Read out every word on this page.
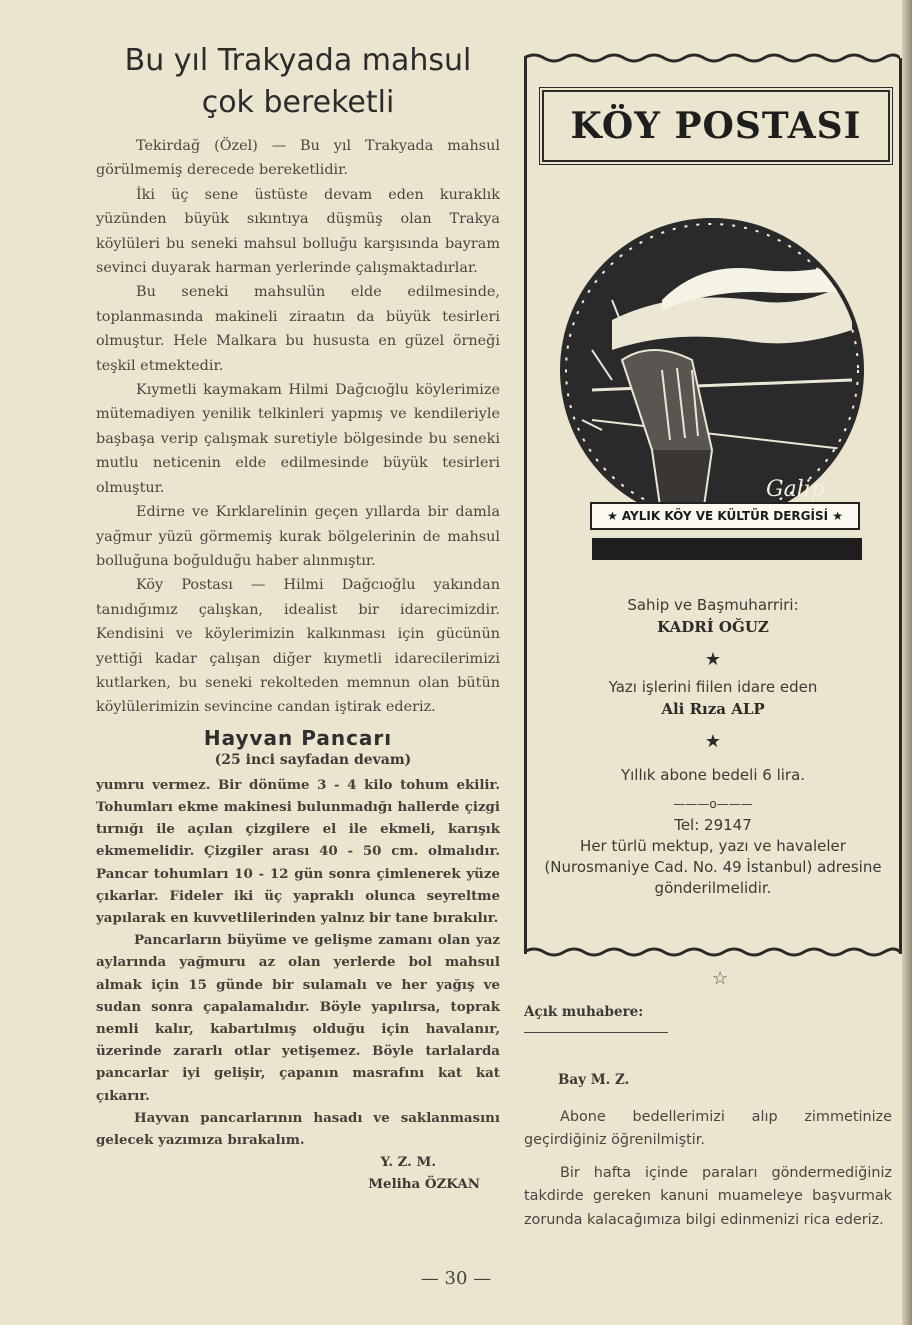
Bu yıl Trakyada mahsul
çok bereketli

Tekirdağ (Özel) — Bu yıl Trakyada mahsul görülmemiş derecede bereketlidir.

İki üç sene üstüste devam eden kuraklık yüzünden büyük sıkıntıya düşmüş olan Trakya köylüleri bu seneki mahsul bolluğu karşısında bayram sevinci duyarak harman yerlerinde çalışmaktadırlar.

Bu seneki mahsulün elde edilmesinde, toplanmasında makineli ziraatın da büyük tesirleri olmuştur. Hele Malkara bu hususta en güzel örneği teşkil etmektedir.

Kıymetli kaymakam Hilmi Dağcıoğlu köylerimize mütemadiyen yenilik telkinleri yapmış ve kendileriyle başbaşa verip çalışmak suretiyle bölgesinde bu seneki mutlu neticenin elde edilmesinde büyük tesirleri olmuştur.

Edirne ve Kırklarelinin geçen yıllarda bir damla yağmur yüzü görmemiş kurak bölgelerinin de mahsul bolluğuna boğulduğu haber alınmıştır.

Köy Postası — Hilmi Dağcıoğlu yakından tanıdığımız çalışkan, idealist bir idarecimizdir. Kendisini ve köylerimizin kalkınması için gücünün yettiği kadar çalışan diğer kıymetli idarecilerimizi kutlarken, bu seneki rekolteden memnun olan bütün köylülerimizin sevincine candan iştirak ederiz.

Hayvan Pancarı
(25 inci sayfadan devam)

yumru vermez. Bir dönüme 3 - 4 kilo tohum ekilir. Tohumları ekme makinesi bulunmadığı hallerde çizgi tırnığı ile açılan çizgilere el ile ekmeli, karışık ekmemelidir. Çizgiler arası 40 - 50 cm. olmalıdır. Pancar tohumları 10 - 12 gün sonra çimlenerek yüze çıkarlar. Fideler iki üç yapraklı olunca seyreltme yapılarak en kuvvetlilerinden yalnız bir tane bırakılır.

Pancarların büyüme ve gelişme zamanı olan yaz aylarında yağmuru az olan yerlerde bol mahsul almak için 15 günde bir sulamalı ve her yağış ve sudan sonra çapalamalıdır. Böyle yapılırsa, toprak nemli kalır, kabartılmış olduğu için havalanır, üzerinde zararlı otlar yetişemez. Böyle tarlalarda pancarlar iyi gelişir, çapanın masrafını kat kat çıkarır.

Hayvan pancarlarının hasadı ve saklanmasını gelecek yazımıza bırakalım.

Y. Z. M.
Meliha ÖZKAN
KÖY POSTASI
Galip
★ AYLIK KÖY VE KÜLTÜR DERGİSİ ★
Sahip ve Başmuharriri:
KADRİ OĞUZ
★
Yazı işlerini fiilen idare eden
Ali Rıza ALP
★
Yıllık abone bedeli 6 lira.
———o———
Tel: 29147
Her türlü mektup, yazı ve havaleler (Nurosmaniye Cad. No. 49 İstanbul) adresine gönderilmelidir.
☆
Açık muhabere:
Bay M. Z.

Abone bedellerimizi alıp zimmetinize geçirdiğiniz öğrenilmiştir.

Bir hafta içinde paraları göndermediğiniz takdirde gereken kanuni muameleye başvurmak zorunda kalacağımıza bilgi edinmenizi rica ederiz.

— 30 —
